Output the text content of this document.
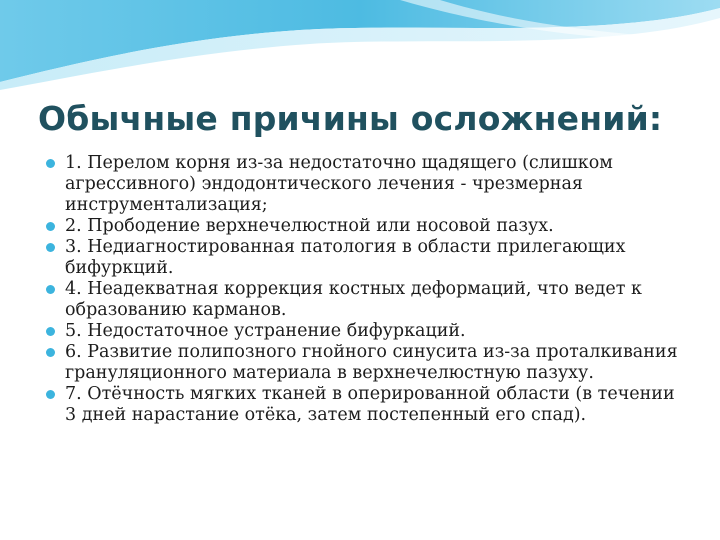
Обычные причины осложнений:
1. Перелом корня из-за недостаточно щадящего (слишком агрессивного) эндодонтического лечения - чрезмерная инструментализация;
2. Прободение верхнечелюстной или носовой пазух.
3. Недиагностированная патология в области прилегающих бифуркций.
4. Неадекватная коррекция костных деформаций, что ведет к образованию карманов.
5. Недостаточное устранение бифуркаций.
6. Развитие полипозного гнойного синусита из-за проталкивания грануляционного материала в верхнечелюстную пазуху.
7. Отёчность мягких тканей в оперированной области (в течении 3 дней нарастание отёка, затем постепенный его спад).
